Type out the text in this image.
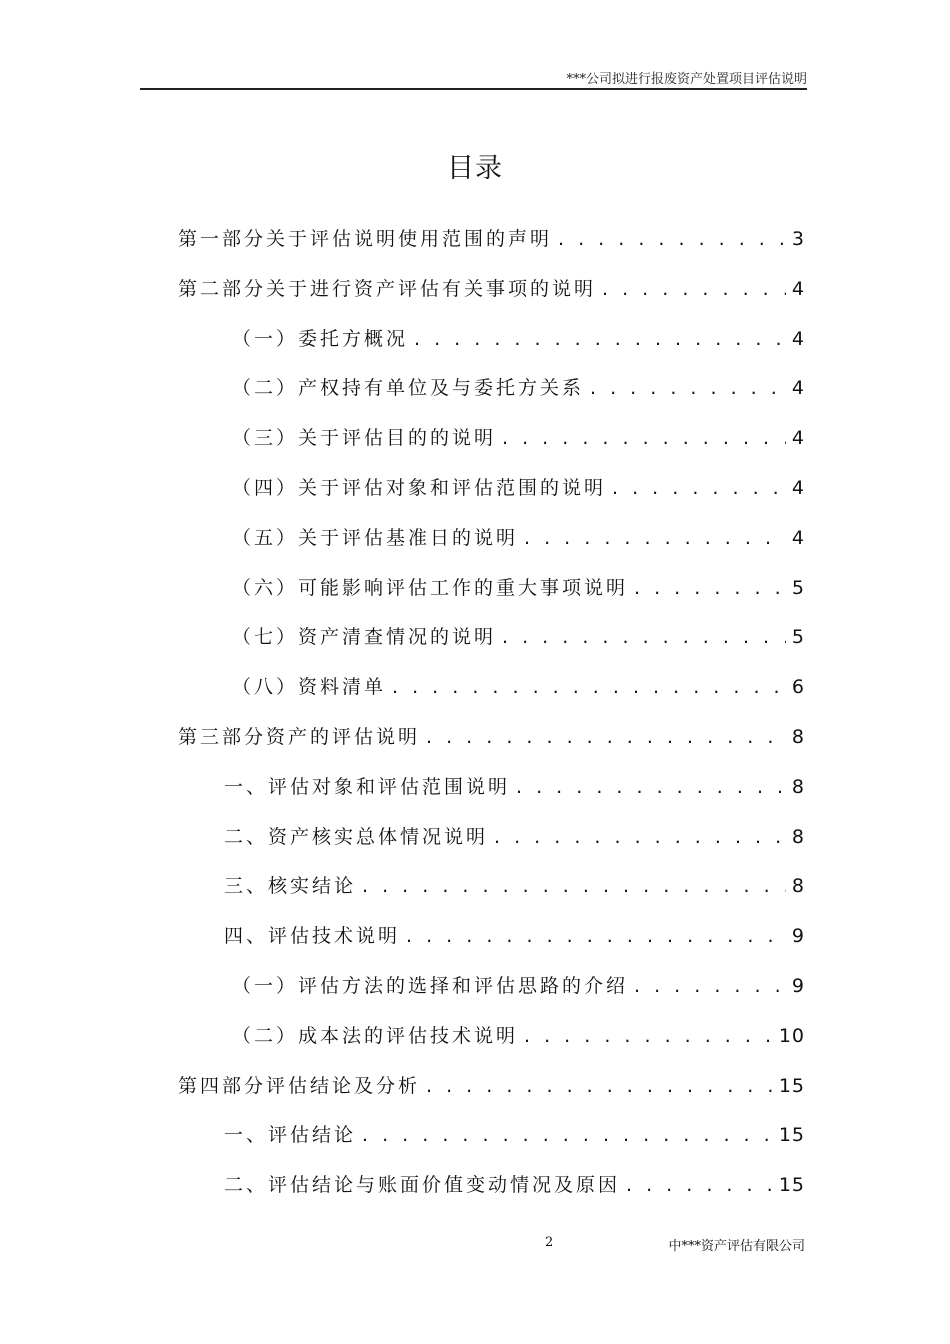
***公司拟进行报废资产处置项目评估说明
目录
第一部分关于评估说明使用范围的声明 . . .	3
第二部分关于进行资产评估有关事项的说明 . . .	4
（一）委托方概况 . . .	4
（二）产权持有单位及与委托方关系 . . .	4
（三）关于评估目的的说明 . . .	4
（四）关于评估对象和评估范围的说明 . . .	4
（五）关于评估基准日的说明 . . .	4
（六）可能影响评估工作的重大事项说明 . . .	5
（七）资产清查情况的说明 . . .	5
（八）资料清单 . . .	6
第三部分资产的评估说明 . . .	8
一、评估对象和评估范围说明 . . .	8
二、资产核实总体情况说明 . . .	8
三、核实结论 . . .	8
四、评估技术说明 . . .	9
（一）评估方法的选择和评估思路的介绍 . . .	9
（二）成本法的评估技术说明 . . .	10
第四部分评估结论及分析 . . .	15
一、评估结论 . . .	15
二、评估结论与账面价值变动情况及原因 . . .	15
2	中***资产评估有限公司
